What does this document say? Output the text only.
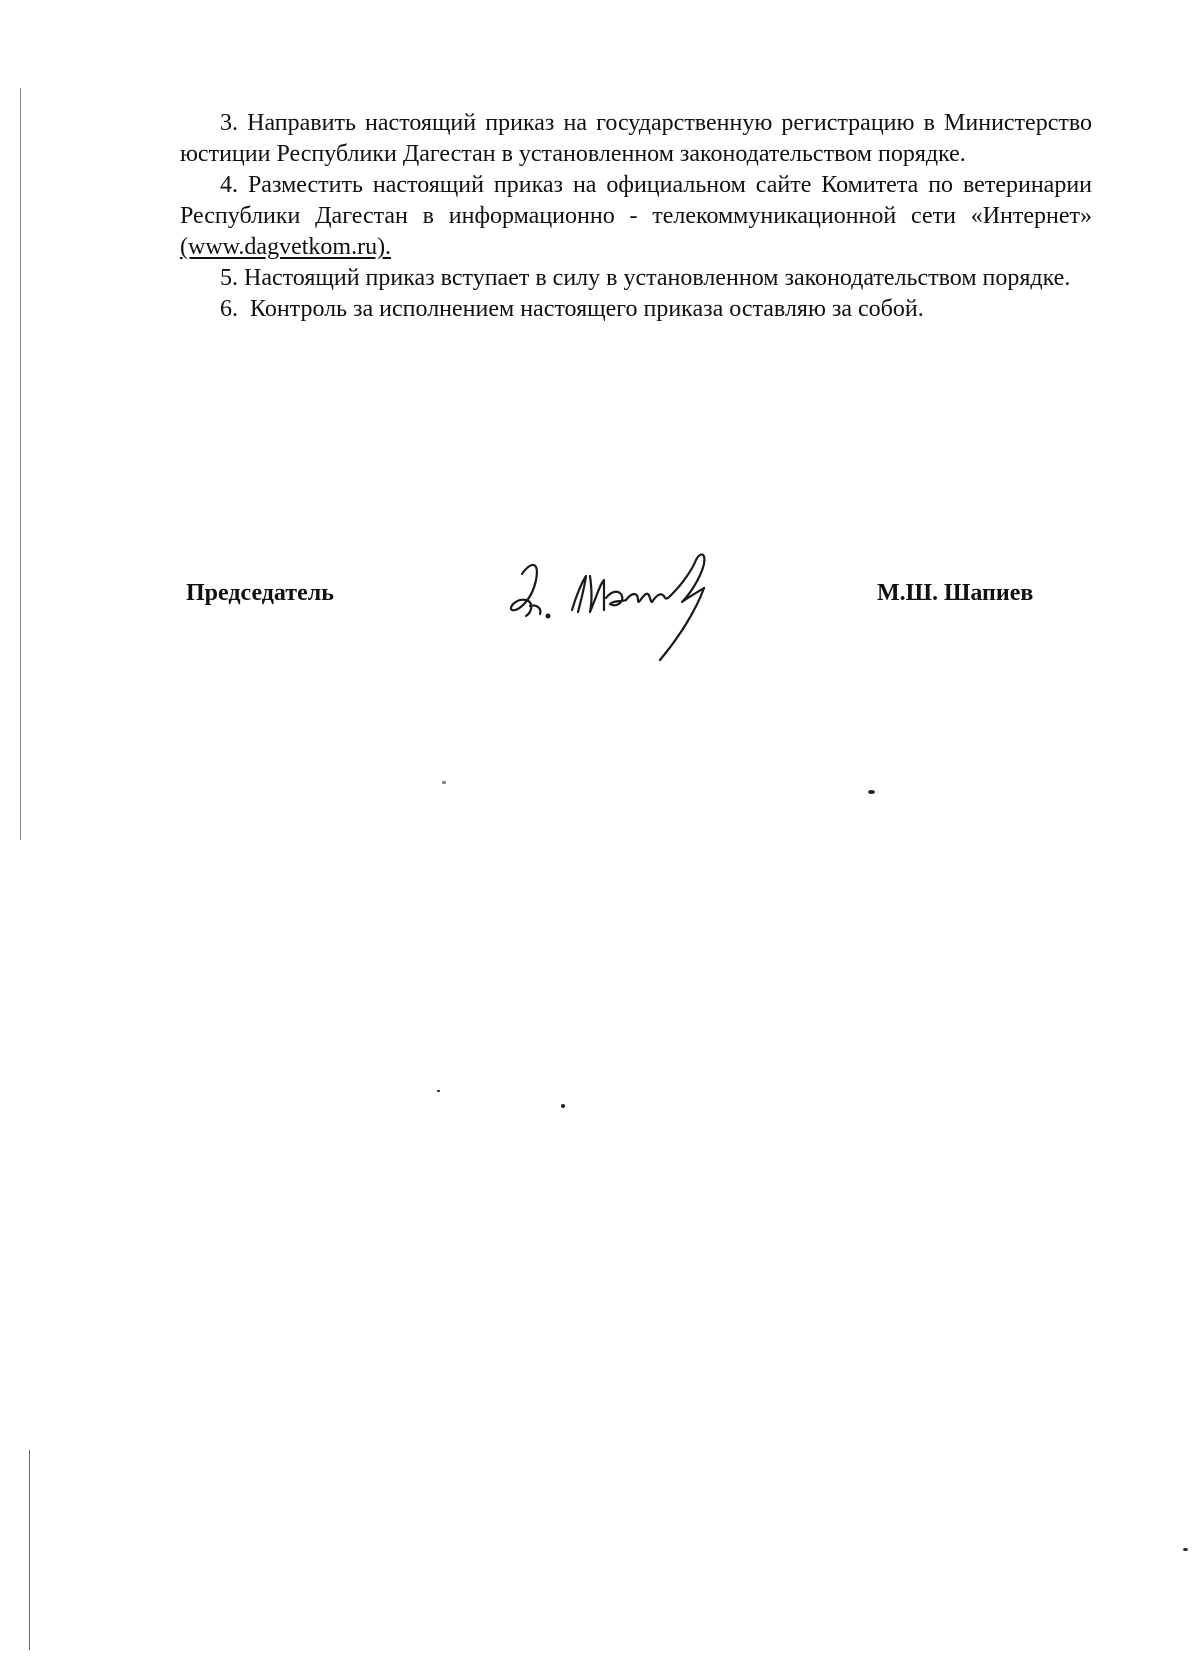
3. Направить настоящий приказ на государственную регистрацию в Министерство юстиции Республики Дагестан в установленном законодательством порядке.

4. Разместить настоящий приказ на официальном сайте Комитета по ветеринарии Республики Дагестан в информационно - телекоммуникационной сети «Интернет» (www.dagvetkom.ru).

5. Настоящий приказ вступает в силу в установленном законодательством порядке.

6.  Контроль за исполнением настоящего приказа оставляю за собой.

Председатель	М.Ш. Шапиев
